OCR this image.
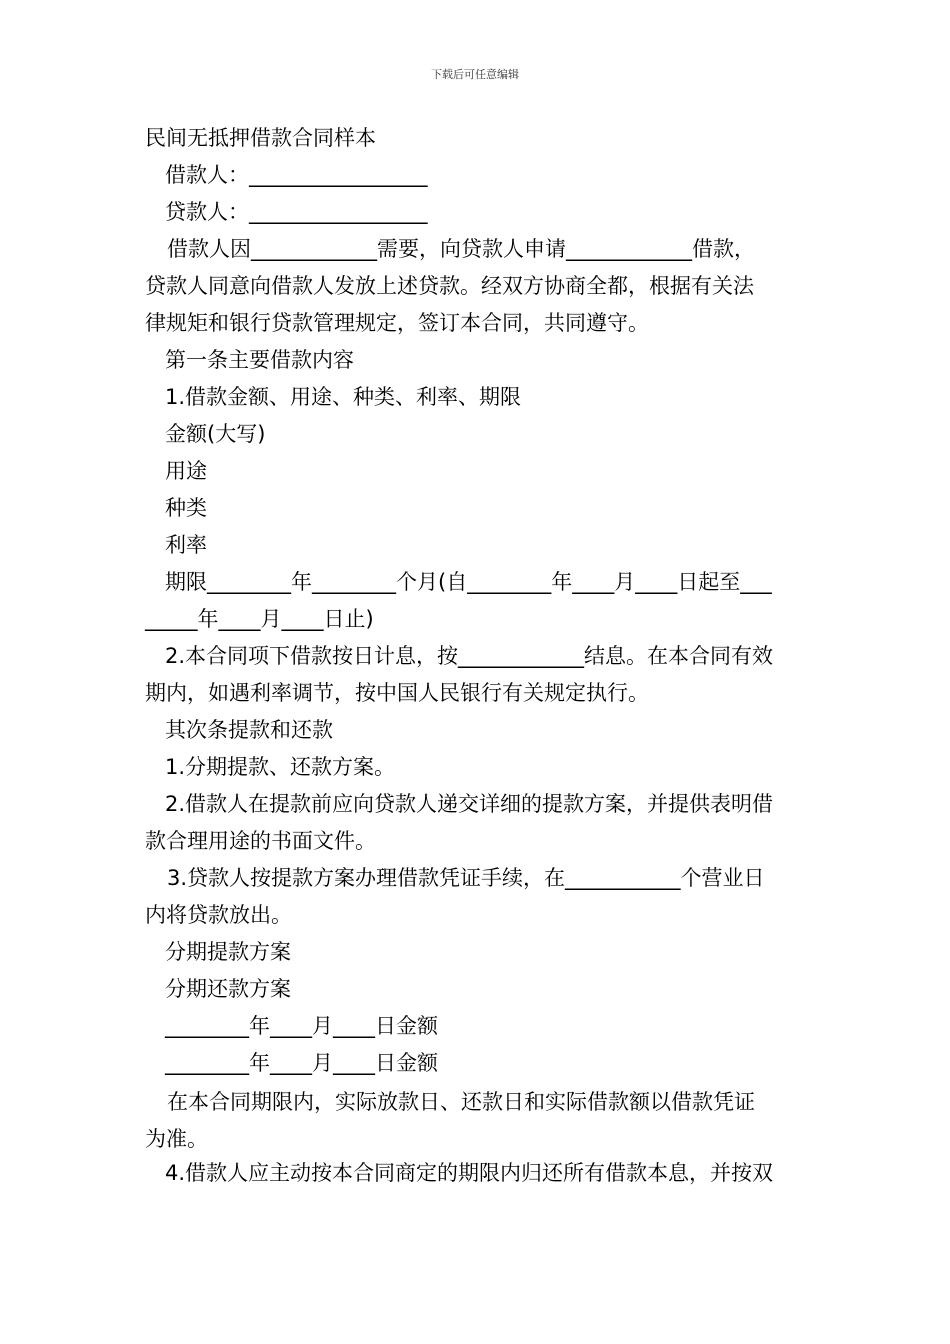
下载后可任意编辑
民间无抵押借款合同样本
借款人：_________________
贷款人：_________________
借款人因____________需要，向贷款人申请____________借款，
贷款人同意向借款人发放上述贷款。经双方协商全都，根据有关法
律规矩和银行贷款管理规定，签订本合同，共同遵守。
第一条主要借款内容
1.借款金额、用途、种类、利率、期限
金额(大写)
用途
种类
利率
期限________年________个月(自________年____月____日起至___
_____年____月____日止)
2.本合同项下借款按日计息，按____________结息。在本合同有效
期内，如遇利率调节，按中国人民银行有关规定执行。
其次条提款和还款
1.分期提款、还款方案。
2.借款人在提款前应向贷款人递交详细的提款方案，并提供表明借
款合理用途的书面文件。
3.贷款人按提款方案办理借款凭证手续，在___________个营业日
内将贷款放出。
分期提款方案
分期还款方案
________年____月____日金额
________年____月____日金额
在本合同期限内，实际放款日、还款日和实际借款额以借款凭证
为准。
4.借款人应主动按本合同商定的期限内归还所有借款本息，并按双
